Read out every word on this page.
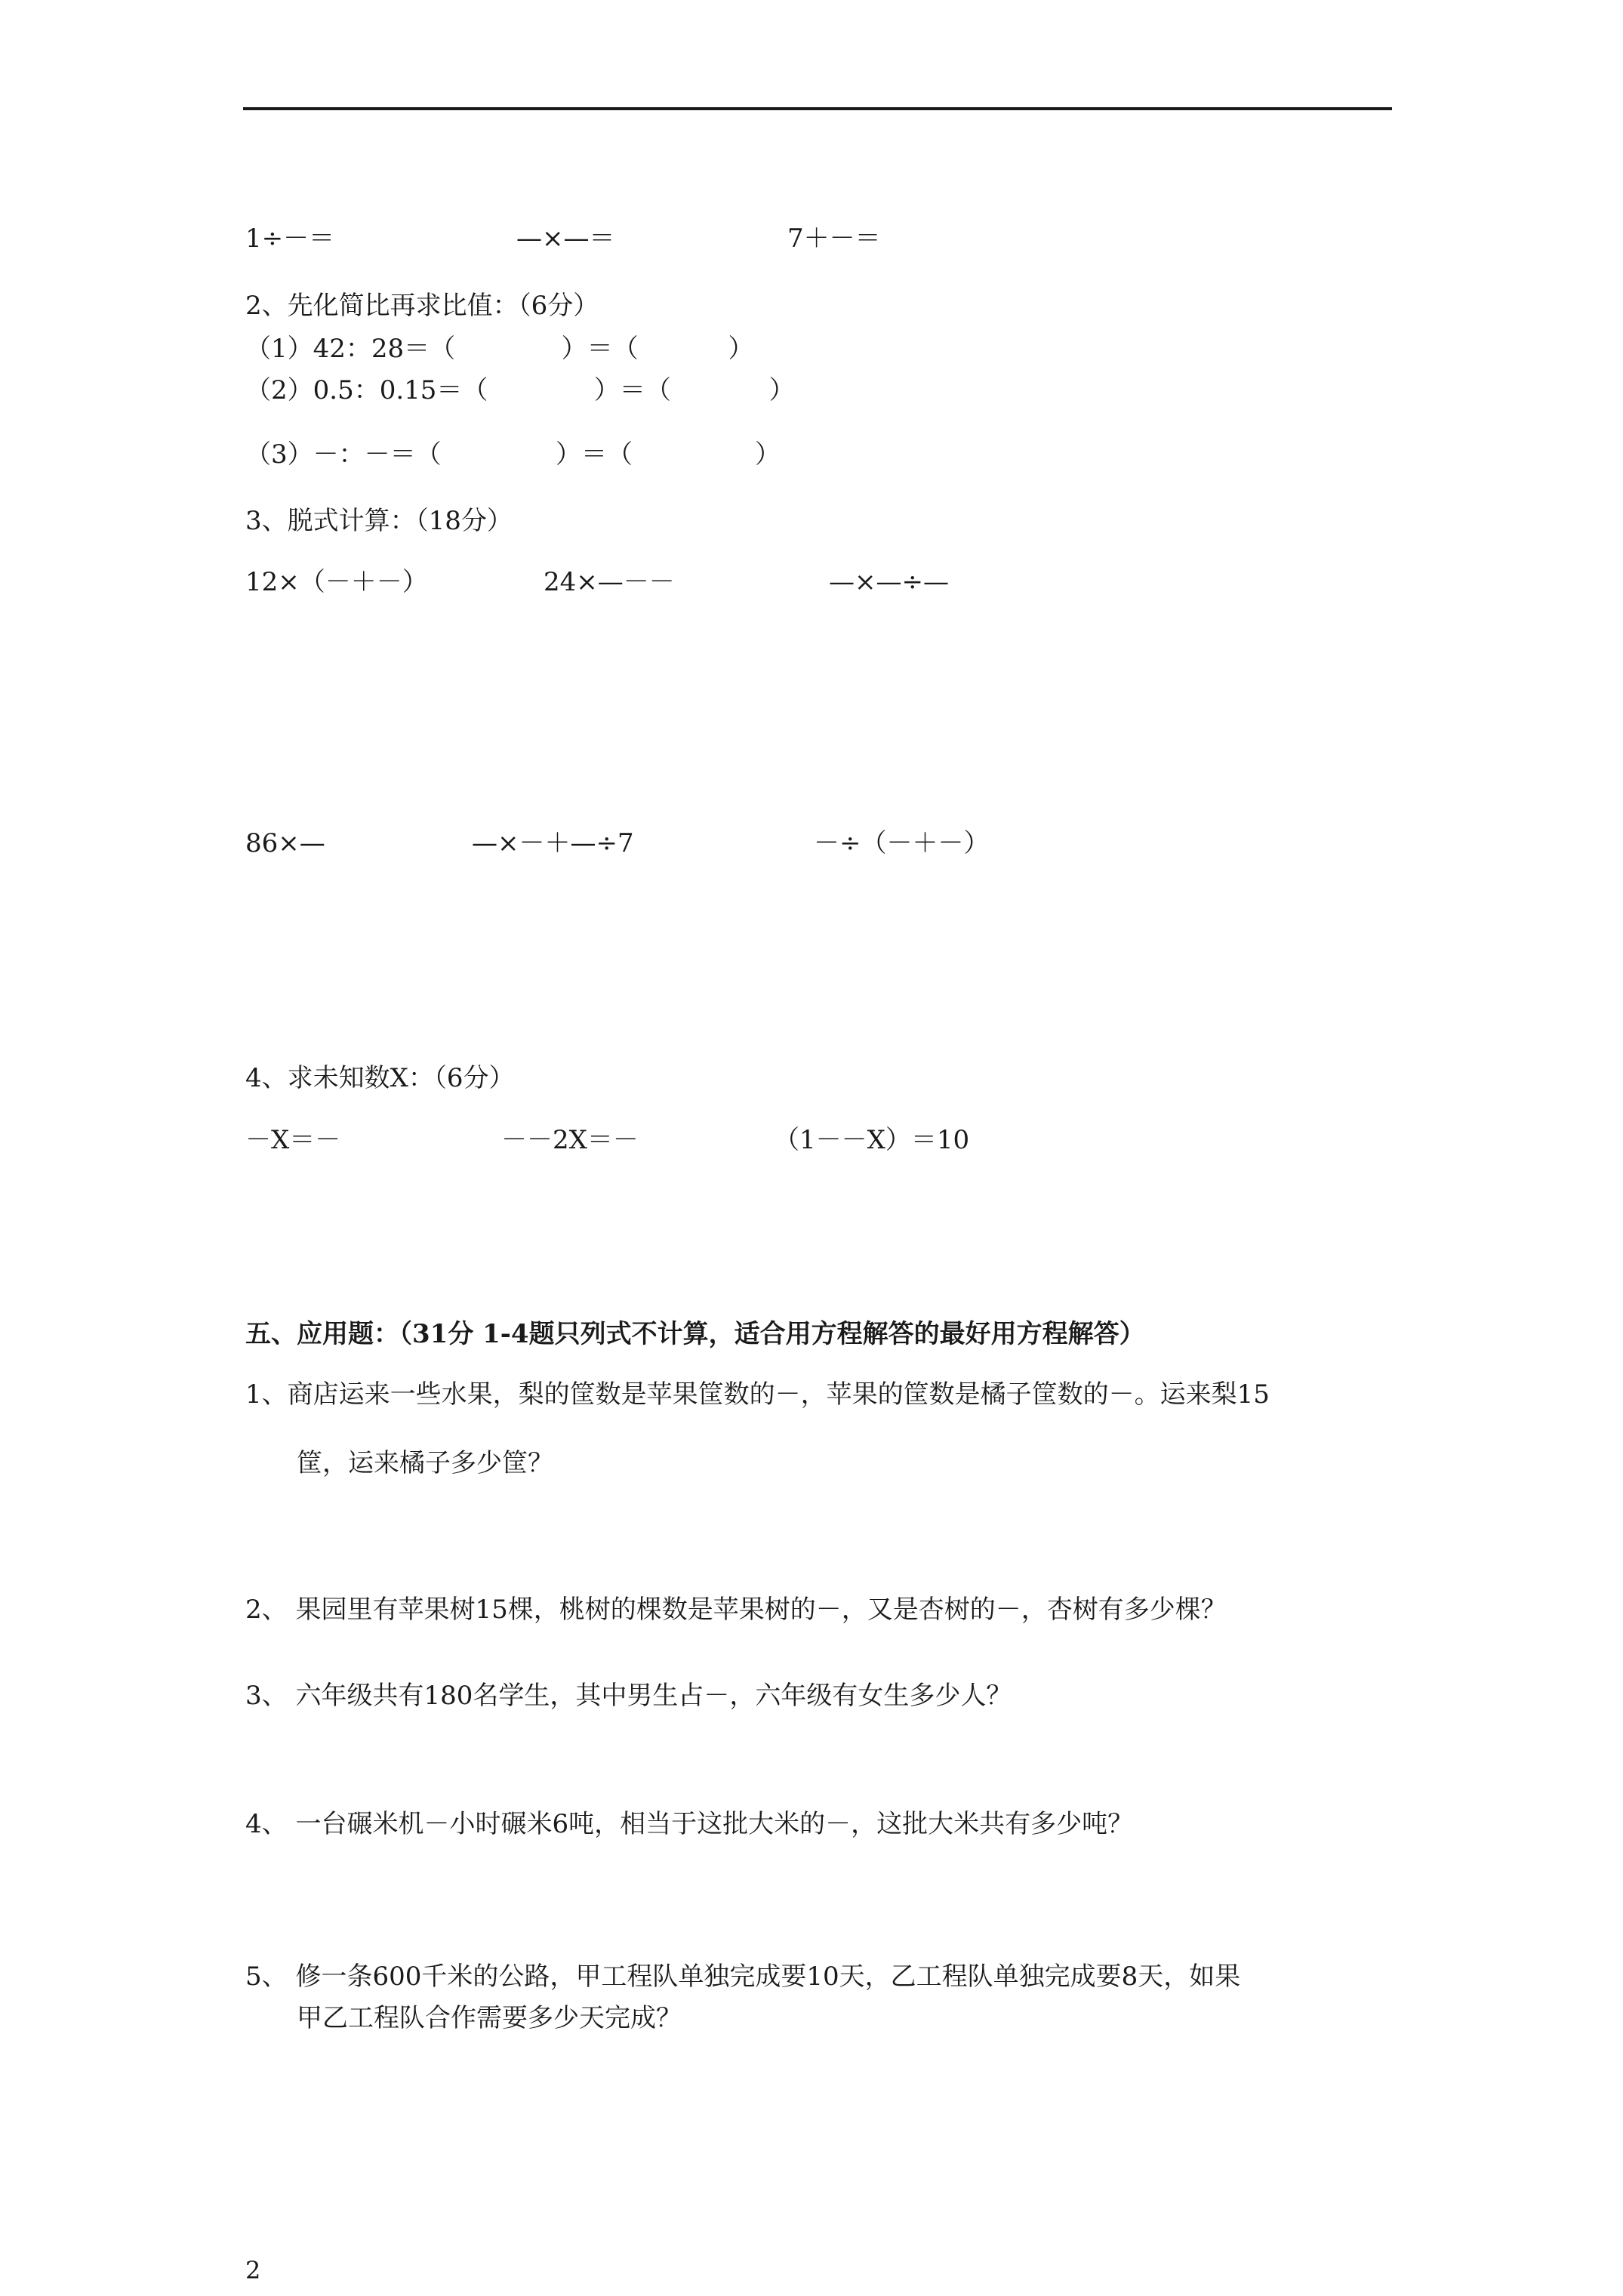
1÷－＝	—×—＝	7＋－＝
2、先化简比再求比值：（6分）
（1）42：28＝（             ）＝（           ）
（2）0.5：0.15＝（             ）＝（            ）
（3）－：－＝（              ）＝（               ）
3、脱式计算：（18分）
12×（－＋－）	24×—－－	—×—÷—
86×—	—×－＋—÷7	－÷（－＋－）
4、求未知数X：（6分）
－X＝－	－－2X＝－	（1－－X）＝10
五、应用题：（31分 1-4题只列式不计算，适合用方程解答的最好用方程解答）
1、商店运来一些水果，梨的筐数是苹果筐数的－，苹果的筐数是橘子筐数的－。运来梨15
筐，运来橘子多少筐？
2、 果园里有苹果树15棵，桃树的棵数是苹果树的－，又是杏树的－，杏树有多少棵？
3、 六年级共有180名学生，其中男生占－，六年级有女生多少人？
4、 一台碾米机－小时碾米6吨，相当于这批大米的－，这批大米共有多少吨？
5、 修一条600千米的公路，甲工程队单独完成要10天，乙工程队单独完成要8天，如果
甲乙工程队合作需要多少天完成？
2
